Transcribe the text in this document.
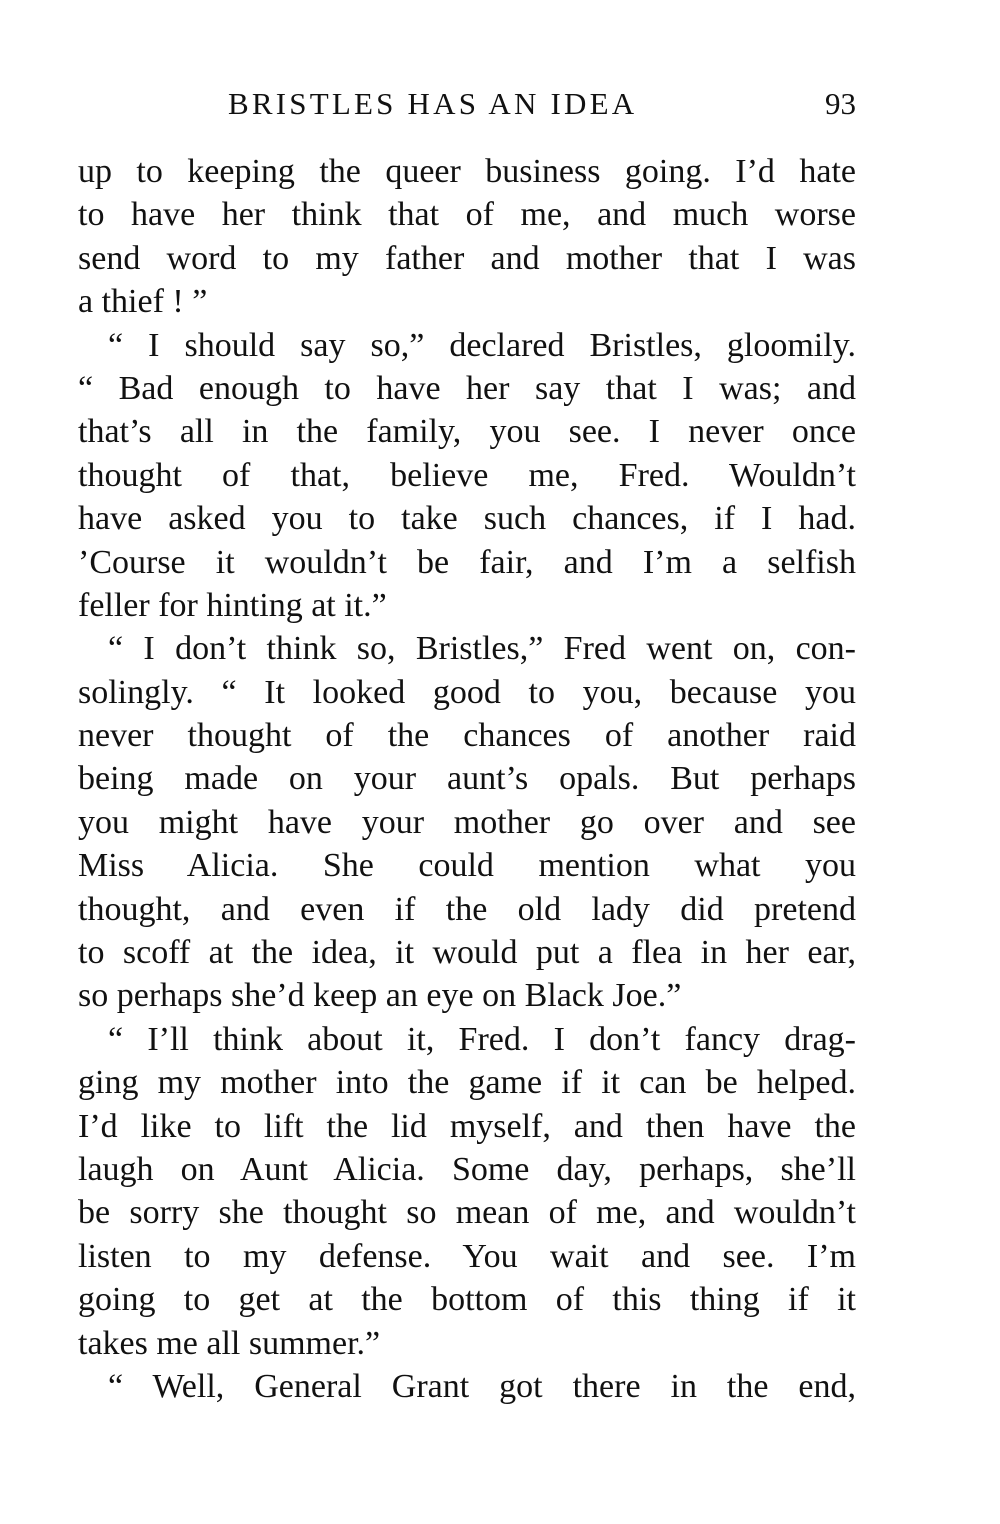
BRISTLES HAS AN IDEA	93
up to keeping the queer business going. I’d hate
to have her think that of me, and much worse
send word to my father and mother that I was
a thief ! ”
“ I should say so,” declared Bristles, gloomily.
“ Bad enough to have her say that I was; and
that’s all in the family, you see. I never once
thought of that, believe me, Fred. Wouldn’t
have asked you to take such chances, if I had.
’Course it wouldn’t be fair, and I’m a selfish
feller for hinting at it.”
“ I don’t think so, Bristles,” Fred went on, con-
solingly. “ It looked good to you, because you
never thought of the chances of another raid
being made on your aunt’s opals. But perhaps
you might have your mother go over and see
Miss Alicia. She could mention what you
thought, and even if the old lady did pretend
to scoff at the idea, it would put a flea in her ear,
so perhaps she’d keep an eye on Black Joe.”
“ I’ll think about it, Fred. I don’t fancy drag-
ging my mother into the game if it can be helped.
I’d like to lift the lid myself, and then have the
laugh on Aunt Alicia. Some day, perhaps, she’ll
be sorry she thought so mean of me, and wouldn’t
listen to my defense. You wait and see. I’m
going to get at the bottom of this thing if it
takes me all summer.”
“ Well, General Grant got there in the end,
